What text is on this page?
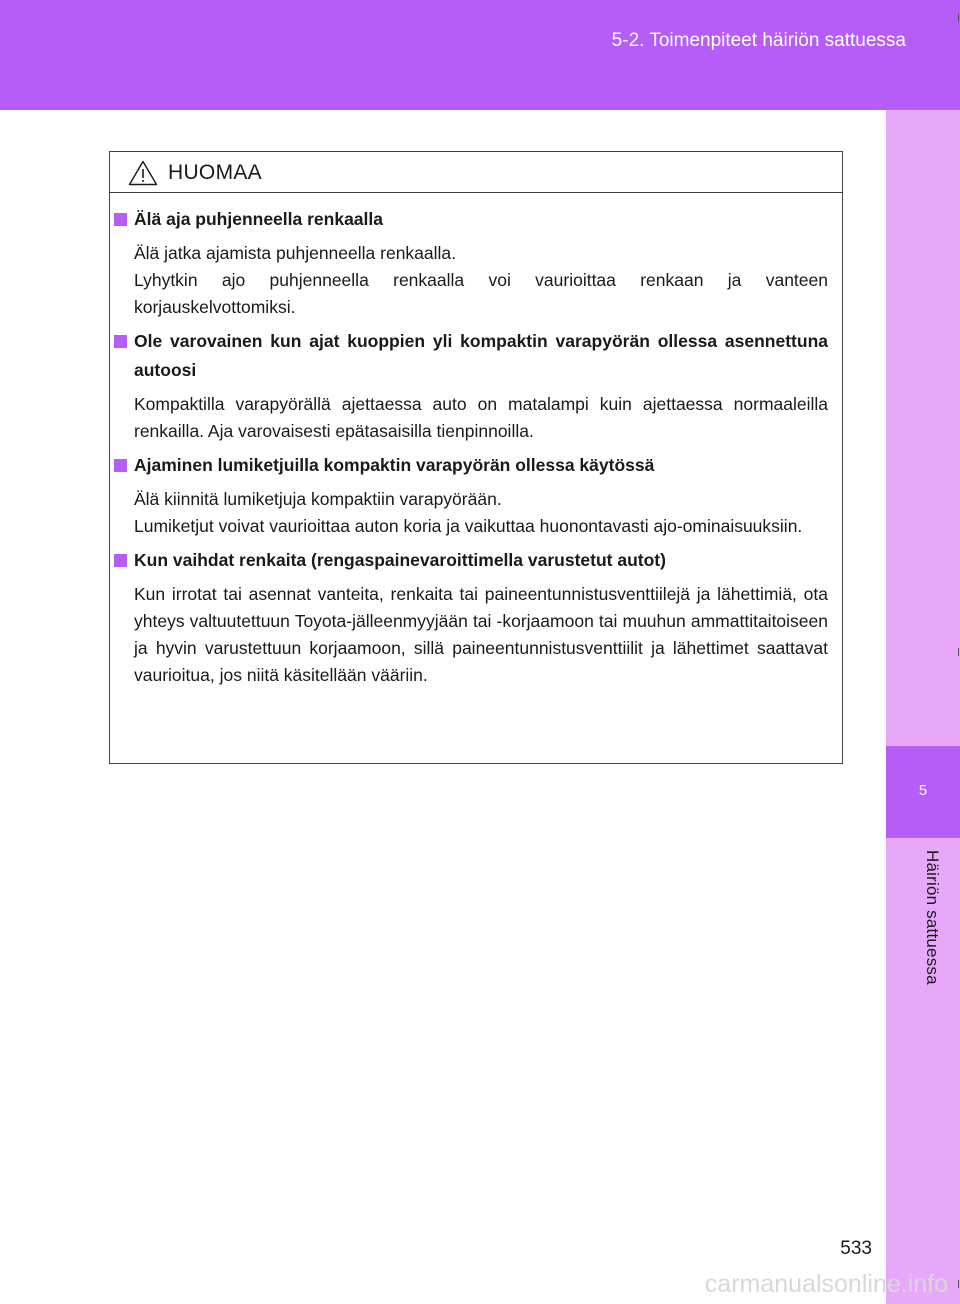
5-2. Toimenpiteet häiriön sattuessa
5
Häiriön sattuessa
HUOMAA
Älä aja puhjenneella renkaalla
Älä jatka ajamista puhjenneella renkaalla.
Lyhytkin ajo puhjenneella renkaalla voi vaurioittaa renkaan ja vanteen korjauskelvottomiksi.
Ole varovainen kun ajat kuoppien yli kompaktin varapyörän ollessa asennettuna autoosi
Kompaktilla varapyörällä ajettaessa auto on matalampi kuin ajettaessa normaaleilla renkailla. Aja varovaisesti epätasaisilla tienpinnoilla.
Ajaminen lumiketjuilla kompaktin varapyörän ollessa käytössä
Älä kiinnitä lumiketjuja kompaktiin varapyörään.
Lumiketjut voivat vaurioittaa auton koria ja vaikuttaa huonontavasti ajo-ominaisuuksiin.
Kun vaihdat renkaita (rengaspainevaroittimella varustetut autot)
Kun irrotat tai asennat vanteita, renkaita tai paineentunnistusventtiilejä ja lähettimiä, ota yhteys valtuutettuun Toyota-jälleenmyyjään tai -korjaamoon tai muuhun ammattitaitoiseen ja hyvin varustettuun korjaamoon, sillä paineentunnistusventtiilit ja lähettimet saattavat vaurioitua, jos niitä käsitellään vääriin.
533
carmanualsonline.info
